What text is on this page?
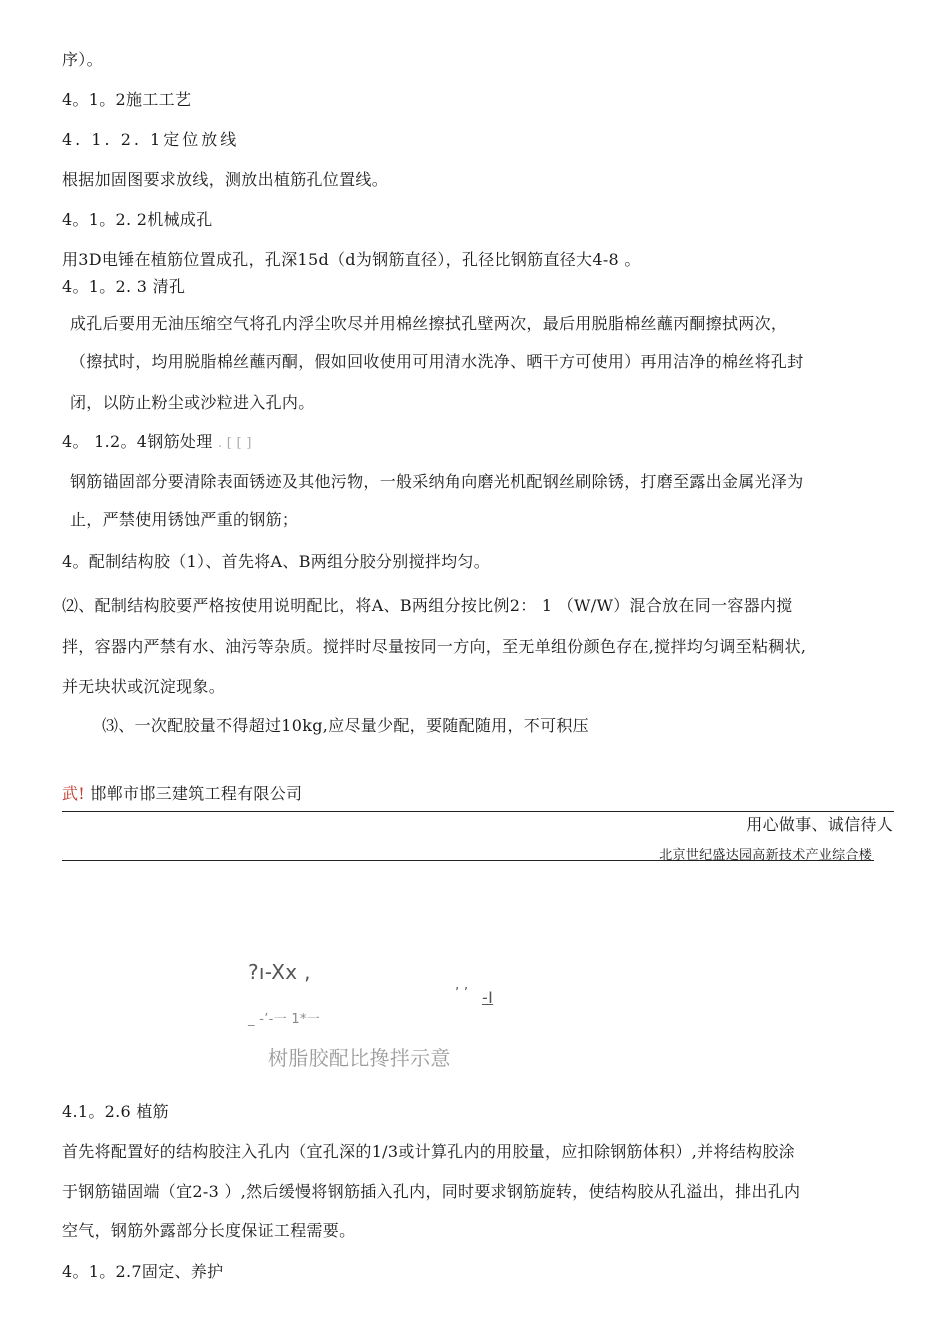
序）。
4。1。2施工工艺
4. 1. 2. 1定位放线
根据加固图要求放线，测放出植筋孔位置线。
4。1。2. 2机械成孔
用3D电锤在植筋位置成孔，孔深15d（d为钢筋直径），孔径比钢筋直径大4-8 。
4。1。2. 3 清孔
成孔后要用无油压缩空气将孔内浮尘吹尽并用棉丝擦拭孔壁两次，最后用脱脂棉丝蘸丙酮擦拭两次，
（擦拭时，均用脱脂棉丝蘸丙酮，假如回收使用可用清水洗净、晒干方可使用）再用洁净的棉丝将孔封
闭，以防止粉尘或沙粒进入孔内。
4。 1.2。4钢筋处理 . [ [ ]
钢筋锚固部分要清除表面锈迹及其他污物，一般采纳角向磨光机配钢丝刷除锈，打磨至露出金属光泽为
止，严禁使用锈蚀严重的钢筋；
4。配制结构胶（1）、首先将A、B两组分胶分别搅拌均匀。
⑵、配制结构胶要严格按使用说明配比，将A、B两组分按比例2： 1 （W/W）混合放在同一容器内搅
拌，容器内严禁有水、油污等杂质。搅拌时尽量按同一方向，至无单组份颜色存在,搅拌均匀调至粘稠状,
并无块状或沉淀现象。
⑶、一次配胶量不得超过10kg,应尽量少配，要随配随用，不可积压
武! 邯郸市邯三建筑工程有限公司
用心做事、诚信待人
北京世纪盛达园高新技术产业综合楼
?ı-Xx ,
’ ’ -I
_ -’-一 1*一
树脂胶配比搀拌示意
4.1。2.6 植筋
首先将配置好的结构胶注入孔内（宜孔深的1/3或计算孔内的用胶量，应扣除钢筋体积）,并将结构胶涂
于钢筋锚固端（宜2-3 ）,然后缓慢将钢筋插入孔内，同时要求钢筋旋转，使结构胶从孔溢出，排出孔内
空气，钢筋外露部分长度保证工程需要。
4。1。2.7固定、养护
